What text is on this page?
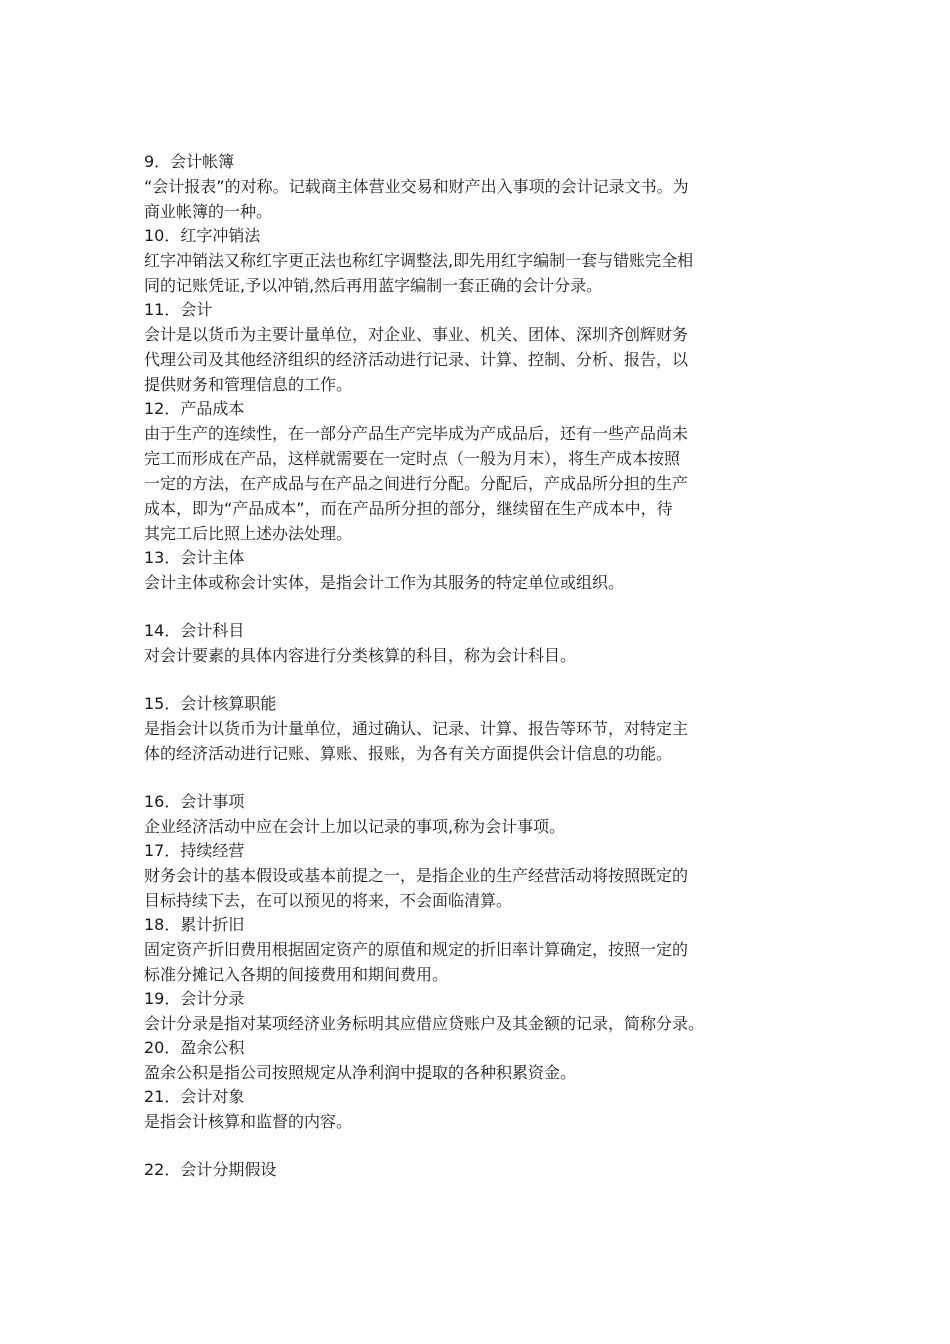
9．会计帐簿

“会计报表”的对称。记载商主体营业交易和财产出入事项的会计记录文书。为

商业帐簿的一种。

10．红字冲销法

红字冲销法又称红字更正法也称红字调整法,即先用红字编制一套与错账完全相

同的记账凭证,予以冲销,然后再用蓝字编制一套正确的会计分录。

11．会计

会计是以货币为主要计量单位，对企业、事业、机关、团体、深圳齐创辉财务

代理公司及其他经济组织的经济活动进行记录、计算、控制、分析、报告，以

提供财务和管理信息的工作。

12．产品成本

由于生产的连续性，在一部分产品生产完毕成为产成品后，还有一些产品尚未

完工而形成在产品，这样就需要在一定时点（一般为月末），将生产成本按照

一定的方法，在产成品与在产品之间进行分配。分配后，产成品所分担的生产

成本，即为“产品成本”，而在产品所分担的部分，继续留在生产成本中，待

其完工后比照上述办法处理。

13．会计主体

会计主体或称会计实体，是指会计工作为其服务的特定单位或组织。

14．会计科目

对会计要素的具体内容进行分类核算的科目，称为会计科目。

15．会计核算职能

是指会计以货币为计量单位，通过确认、记录、计算、报告等环节，对特定主

体的经济活动进行记账、算账、报账，为各有关方面提供会计信息的功能。

16．会计事项

企业经济活动中应在会计上加以记录的事项,称为会计事项。

17．持续经营

财务会计的基本假设或基本前提之一，是指企业的生产经营活动将按照既定的

目标持续下去，在可以预见的将来，不会面临清算。

18．累计折旧

固定资产折旧费用根据固定资产的原值和规定的折旧率计算确定，按照一定的

标准分摊记入各期的间接费用和期间费用。

19．会计分录

会计分录是指对某项经济业务标明其应借应贷账户及其金额的记录，简称分录。

20．盈余公积

盈余公积是指公司按照规定从净利润中提取的各种积累资金。

21．会计对象

是指会计核算和监督的内容。

22．会计分期假设
